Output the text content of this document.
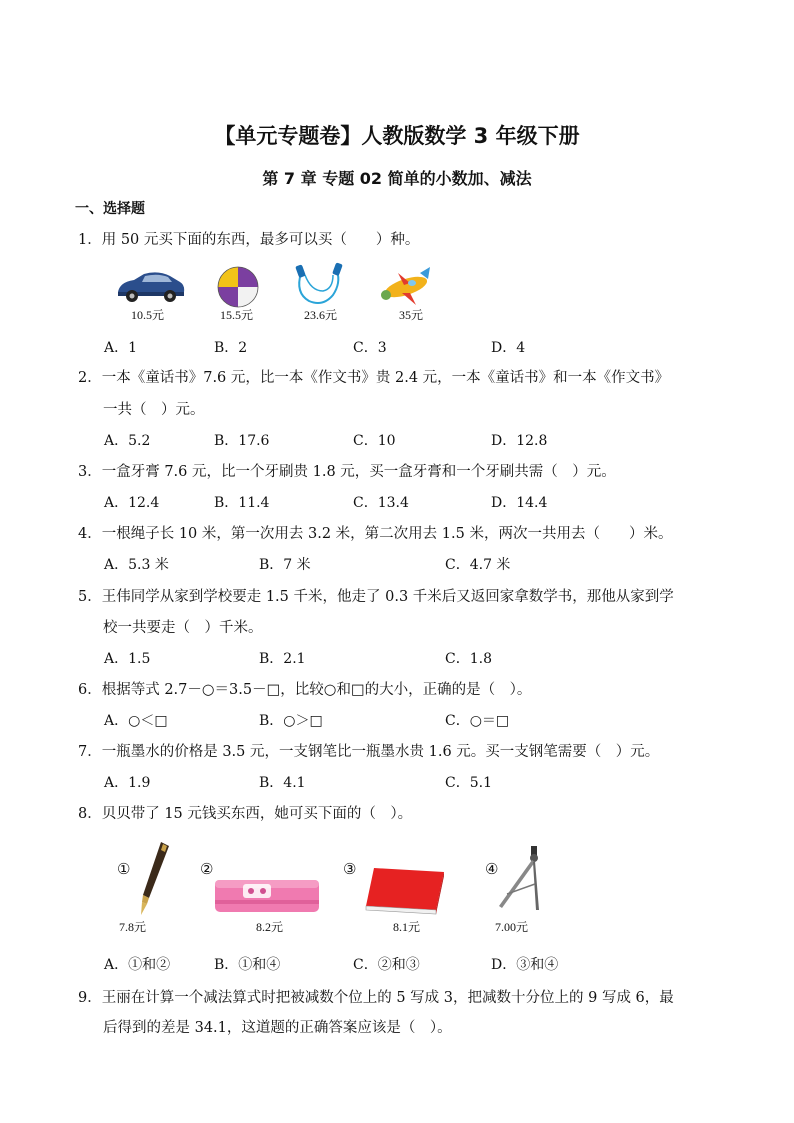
【单元专题卷】人教版数学 3 年级下册
第 7 章 专题 02 简单的小数加、减法
一、选择题
1．用 50 元买下面的东西，最多可以买（　　）种。
10.5元	15.5元	23.6元	35元
A．1	B．2	C．3	D．4
2．一本《童话书》7.6 元，比一本《作文书》贵 2.4 元，一本《童话书》和一本《作文书》
一共（　）元。
A．5.2	B．17.6	C．10	D．12.8
3．一盒牙膏 7.6 元，比一个牙刷贵 1.8 元，买一盒牙膏和一个牙刷共需（　）元。
A．12.4	B．11.4	C．13.4	D．14.4
4．一根绳子长 10 米，第一次用去 3.2 米，第二次用去 1.5 米，两次一共用去（　　）米。
A．5.3 米	B．7 米	C．4.7 米
5．王伟同学从家到学校要走 1.5 千米，他走了 0.3 千米后又返回家拿数学书，那他从家到学
校一共要走（　）千米。
A．1.5	B．2.1	C．1.8
6．根据等式 2.7－○＝3.5－□，比较○和□的大小，正确的是（　）。
A．○＜□	B．○＞□	C．○＝□
7．一瓶墨水的价格是 3.5 元，一支钢笔比一瓶墨水贵 1.6 元。买一支钢笔需要（　）元。
A．1.9	B．4.1	C．5.1
8．贝贝带了 15 元钱买东西，她可买下面的（　）。
①
7.8元
②
8.2元
③
8.1元
④
7.00元
A．①和②	B．①和④	C．②和③	D．③和④
9．王丽在计算一个减法算式时把被减数个位上的 5 写成 3，把减数十分位上的 9 写成 6，最
后得到的差是 34.1，这道题的正确答案应该是（　）。
